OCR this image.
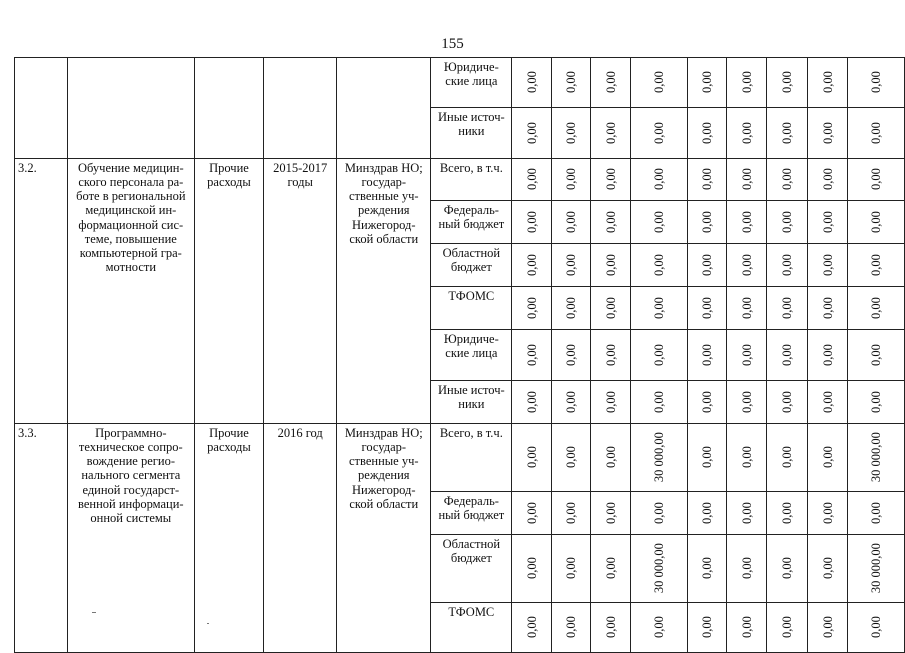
155
					Юридиче-ские лица	0,00	0,00	0,00	0,00	0,00	0,00	0,00	0,00	0,00

					Иные источ-ники	0,00	0,00	0,00	0,00	0,00	0,00	0,00	0,00	0,00

3.2.	Обучение медицин-ского персонала ра-боте в региональной медицинской ин-формационной сис-теме, повышение компьютерной гра-мотности	Прочие расходы	2015-2017 годы	Минздрав НО; государ-ственные уч-реждения Нижегород-ской области	Всего, в т.ч.	0,00	0,00	0,00	0,00	0,00	0,00	0,00	0,00	0,00

					Федераль-ный бюджет	0,00	0,00	0,00	0,00	0,00	0,00	0,00	0,00	0,00

					Областной бюджет	0,00	0,00	0,00	0,00	0,00	0,00	0,00	0,00	0,00

					ТФОМС	0,00	0,00	0,00	0,00	0,00	0,00	0,00	0,00	0,00

					Юридиче-ские лица	0,00	0,00	0,00	0,00	0,00	0,00	0,00	0,00	0,00

					Иные источ-ники	0,00	0,00	0,00	0,00	0,00	0,00	0,00	0,00	0,00

3.3.	Программно-техническое сопро-вождение регио-нального сегмента единой государст-венной информаци-онной системы	Прочие расходы	2016 год	Минздрав НО; государ-ственные уч-реждения Нижегород-ской области	Всего, в т.ч.	0,00	0,00	0,00	30 000,00	0,00	0,00	0,00	0,00	30 000,00

					Федераль-ный бюджет	0,00	0,00	0,00	0,00	0,00	0,00	0,00	0,00	0,00

					Областной бюджет	0,00	0,00	0,00	30 000,00	0,00	0,00	0,00	0,00	30 000,00

					ТФОМС	0,00	0,00	0,00	0,00	0,00	0,00	0,00	0,00	0,00
